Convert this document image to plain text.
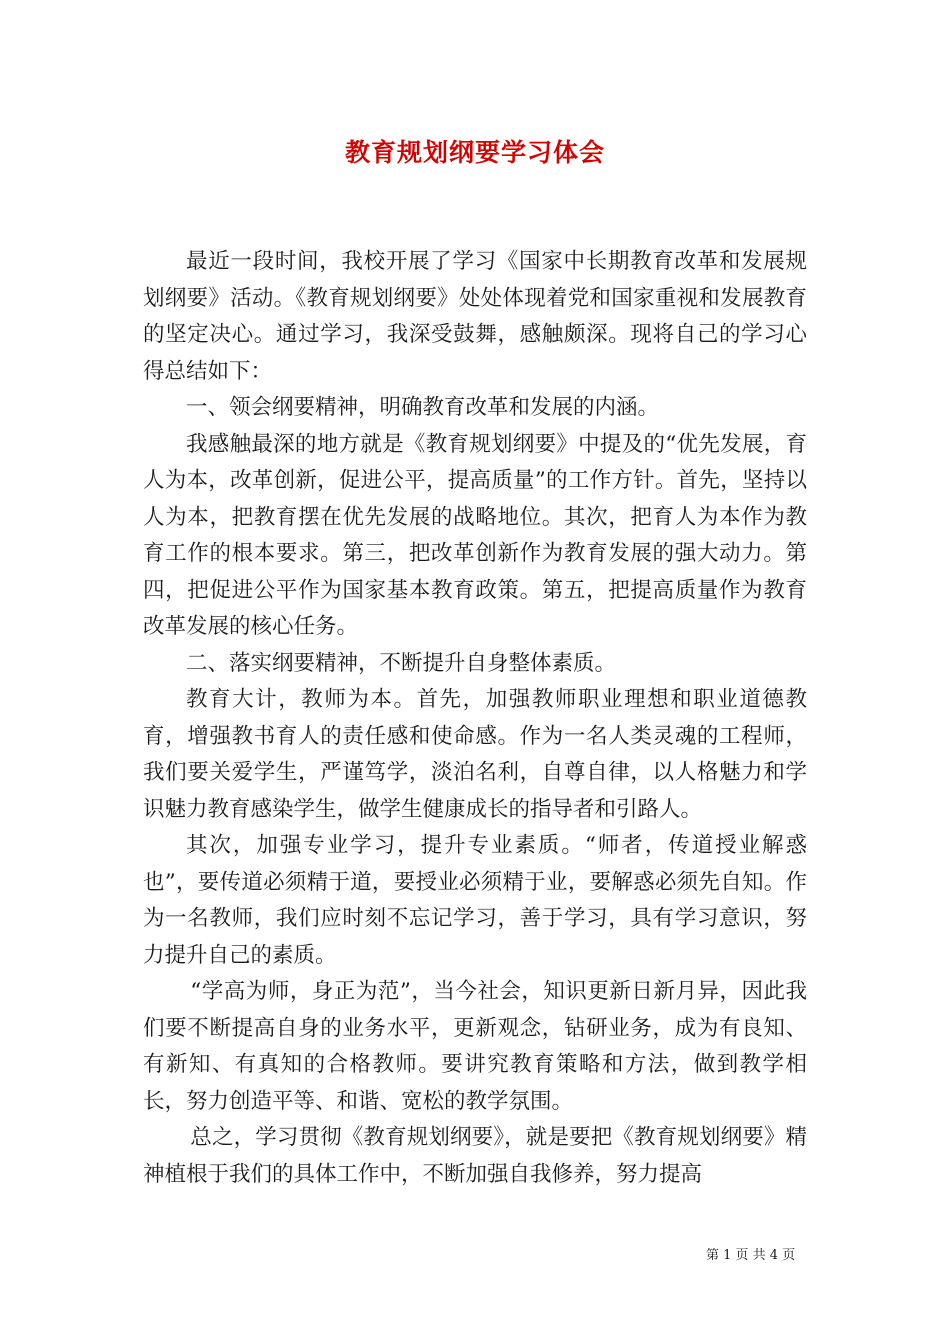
教育规划纲要学习体会

最近一段时间，我校开展了学习《国家中长期教育改革和发展规划纲要》活动。《教育规划纲要》处处体现着党和国家重视和发展教育的坚定决心。通过学习，我深受鼓舞，感触颇深。现将自己的学习心得总结如下：

一、领会纲要精神，明确教育改革和发展的内涵。

我感触最深的地方就是《教育规划纲要》中提及的“优先发展，育人为本，改革创新，促进公平，提高质量”的工作方针。首先，坚持以人为本，把教育摆在优先发展的战略地位。其次，把育人为本作为教育工作的根本要求。第三，把改革创新作为教育发展的强大动力。第四，把促进公平作为国家基本教育政策。第五，把提高质量作为教育改革发展的核心任务。

二、落实纲要精神，不断提升自身整体素质。

教育大计，教师为本。首先，加强教师职业理想和职业道德教育，增强教书育人的责任感和使命感。作为一名人类灵魂的工程师，我们要关爱学生，严谨笃学，淡泊名利，自尊自律，以人格魅力和学识魅力教育感染学生，做学生健康成长的指导者和引路人。

其次，加强专业学习，提升专业素质。“师者，传道授业解惑也”，要传道必须精于道，要授业必须精于业，要解惑必须先自知。作为一名教师，我们应时刻不忘记学习，善于学习，具有学习意识，努力提升自己的素质。

“学高为师，身正为范”，当今社会，知识更新日新月异，因此我们要不断提高自身的业务水平，更新观念，钻研业务，成为有良知、有新知、有真知的合格教师。要讲究教育策略和方法，做到教学相长，努力创造平等、和谐、宽松的教学氛围。

总之，学习贯彻《教育规划纲要》，就是要把《教育规划纲要》精神植根于我们的具体工作中，不断加强自我修养，努力提高

第 1 页 共 4 页
